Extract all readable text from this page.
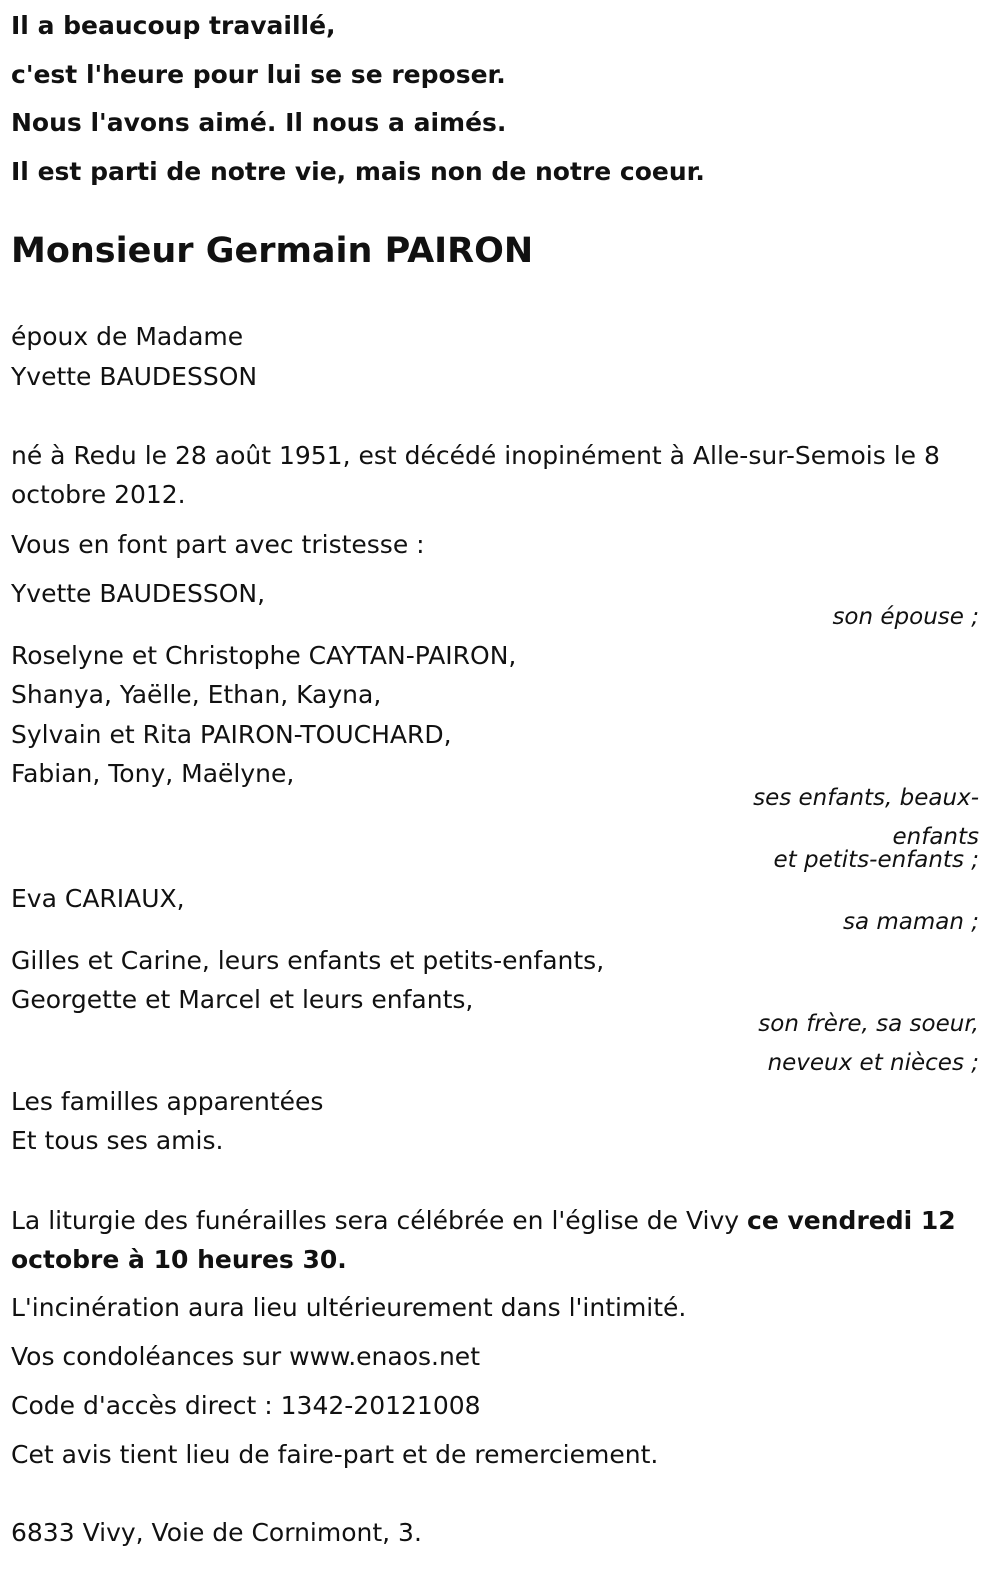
Il a beaucoup travaillé,
c'est l'heure pour lui se se reposer.
Nous l'avons aimé. Il nous a aimés.
Il est parti de notre vie, mais non de notre coeur.
Monsieur Germain PAIRON
époux de Madame
Yvette BAUDESSON
né à Redu le 28 août 1951, est décédé inopinément à Alle-sur-Semois le 8 octobre 2012.
Vous en font part avec tristesse :
Yvette BAUDESSON,
son épouse ;
Roselyne et Christophe CAYTAN-PAIRON,
Shanya, Yaëlle, Ethan, Kayna,
Sylvain et Rita PAIRON-TOUCHARD,
Fabian, Tony, Maëlyne,
ses enfants, beaux-
enfants
et petits-enfants ;
Eva CARIAUX,
sa maman ;
Gilles et Carine, leurs enfants et petits-enfants,
Georgette et Marcel et leurs enfants,
son frère, sa soeur,
neveux et nièces ;
Les familles apparentées
Et tous ses amis.
La liturgie des funérailles sera célébrée en l'église de Vivy ce vendredi 12 octobre à 10 heures 30.
L'incinération aura lieu ultérieurement dans l'intimité.
Vos condoléances sur www.enaos.net
Code d'accès direct : 1342-20121008
Cet avis tient lieu de faire-part et de remerciement.
6833 Vivy, Voie de Cornimont, 3.
